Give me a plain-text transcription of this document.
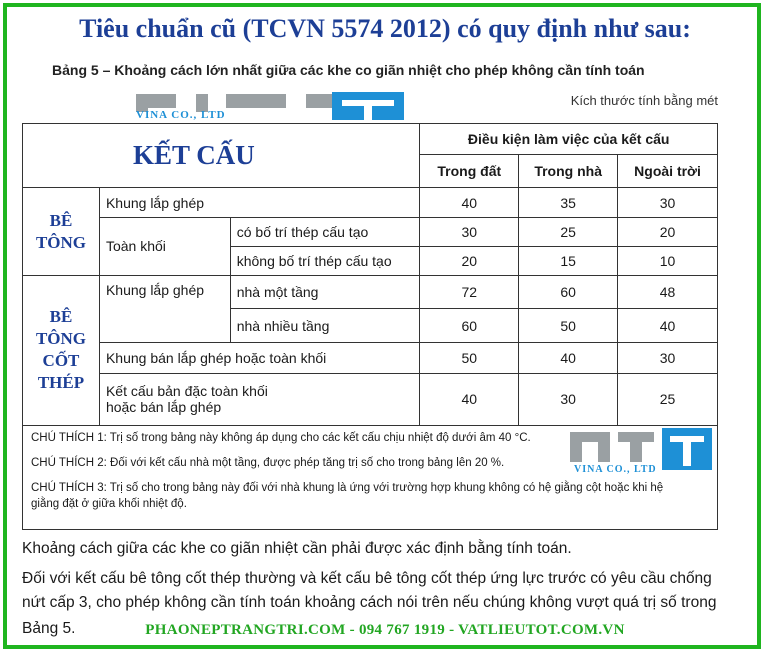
Tiêu chuẩn cũ (TCVN 5574 2012) có quy định như sau:
Bảng 5 – Khoảng cách lớn nhất giữa các khe co giãn nhiệt cho phép không cần tính toán
Kích thước tính bằng mét
VINA CO., LTD
KẾT CẤU			Điều kiện làm việc của kết cấu		
			Trong đất	Trong nhà	Ngoài trời
BÊ
TÔNG	Khung lắp ghép		40	35	30
	Toàn khối	có bố trí thép cấu tạo	30	25	20
		không bố trí thép cấu tạo	20	15	10
BÊ
TÔNG
CỐT
THÉP	Khung lắp ghép	nhà một tầng	72	60	48
		nhà nhiều tầng	60	50	40
	Khung bán lắp ghép hoặc toàn khối		50	40	30
	Kết cấu bản đặc toàn khối
hoặc bán lắp ghép		40	30	25

CHÚ THÍCH 1: Trị số trong bảng này không áp dụng cho các kết cấu chịu nhiệt độ dưới âm 40 °C.

CHÚ THÍCH 2: Đối với kết cấu nhà một tầng, được phép tăng trị số cho trong bảng lên 20 %.

CHÚ THÍCH 3: Trị số cho trong bảng này đối với nhà khung là ứng với trường hợp khung không có hệ giằng cột hoặc khi hệ

giằng đặt ở giữa khối nhiệt độ.

VINA CO., LTD
Khoảng cách giữa các khe co giãn nhiệt cần phải được xác định bằng tính toán.
Đối với kết cấu bê tông cốt thép thường và kết cấu bê tông cốt thép ứng lực trước có yêu cầu chống
nứt cấp 3, cho phép không cần tính toán khoảng cách nói trên nếu chúng không vượt quá trị số trong
Bảng 5.	PHAONEPTRANGTRI.COM - 094 767 1919 - VATLIEUTOT.COM.VN
